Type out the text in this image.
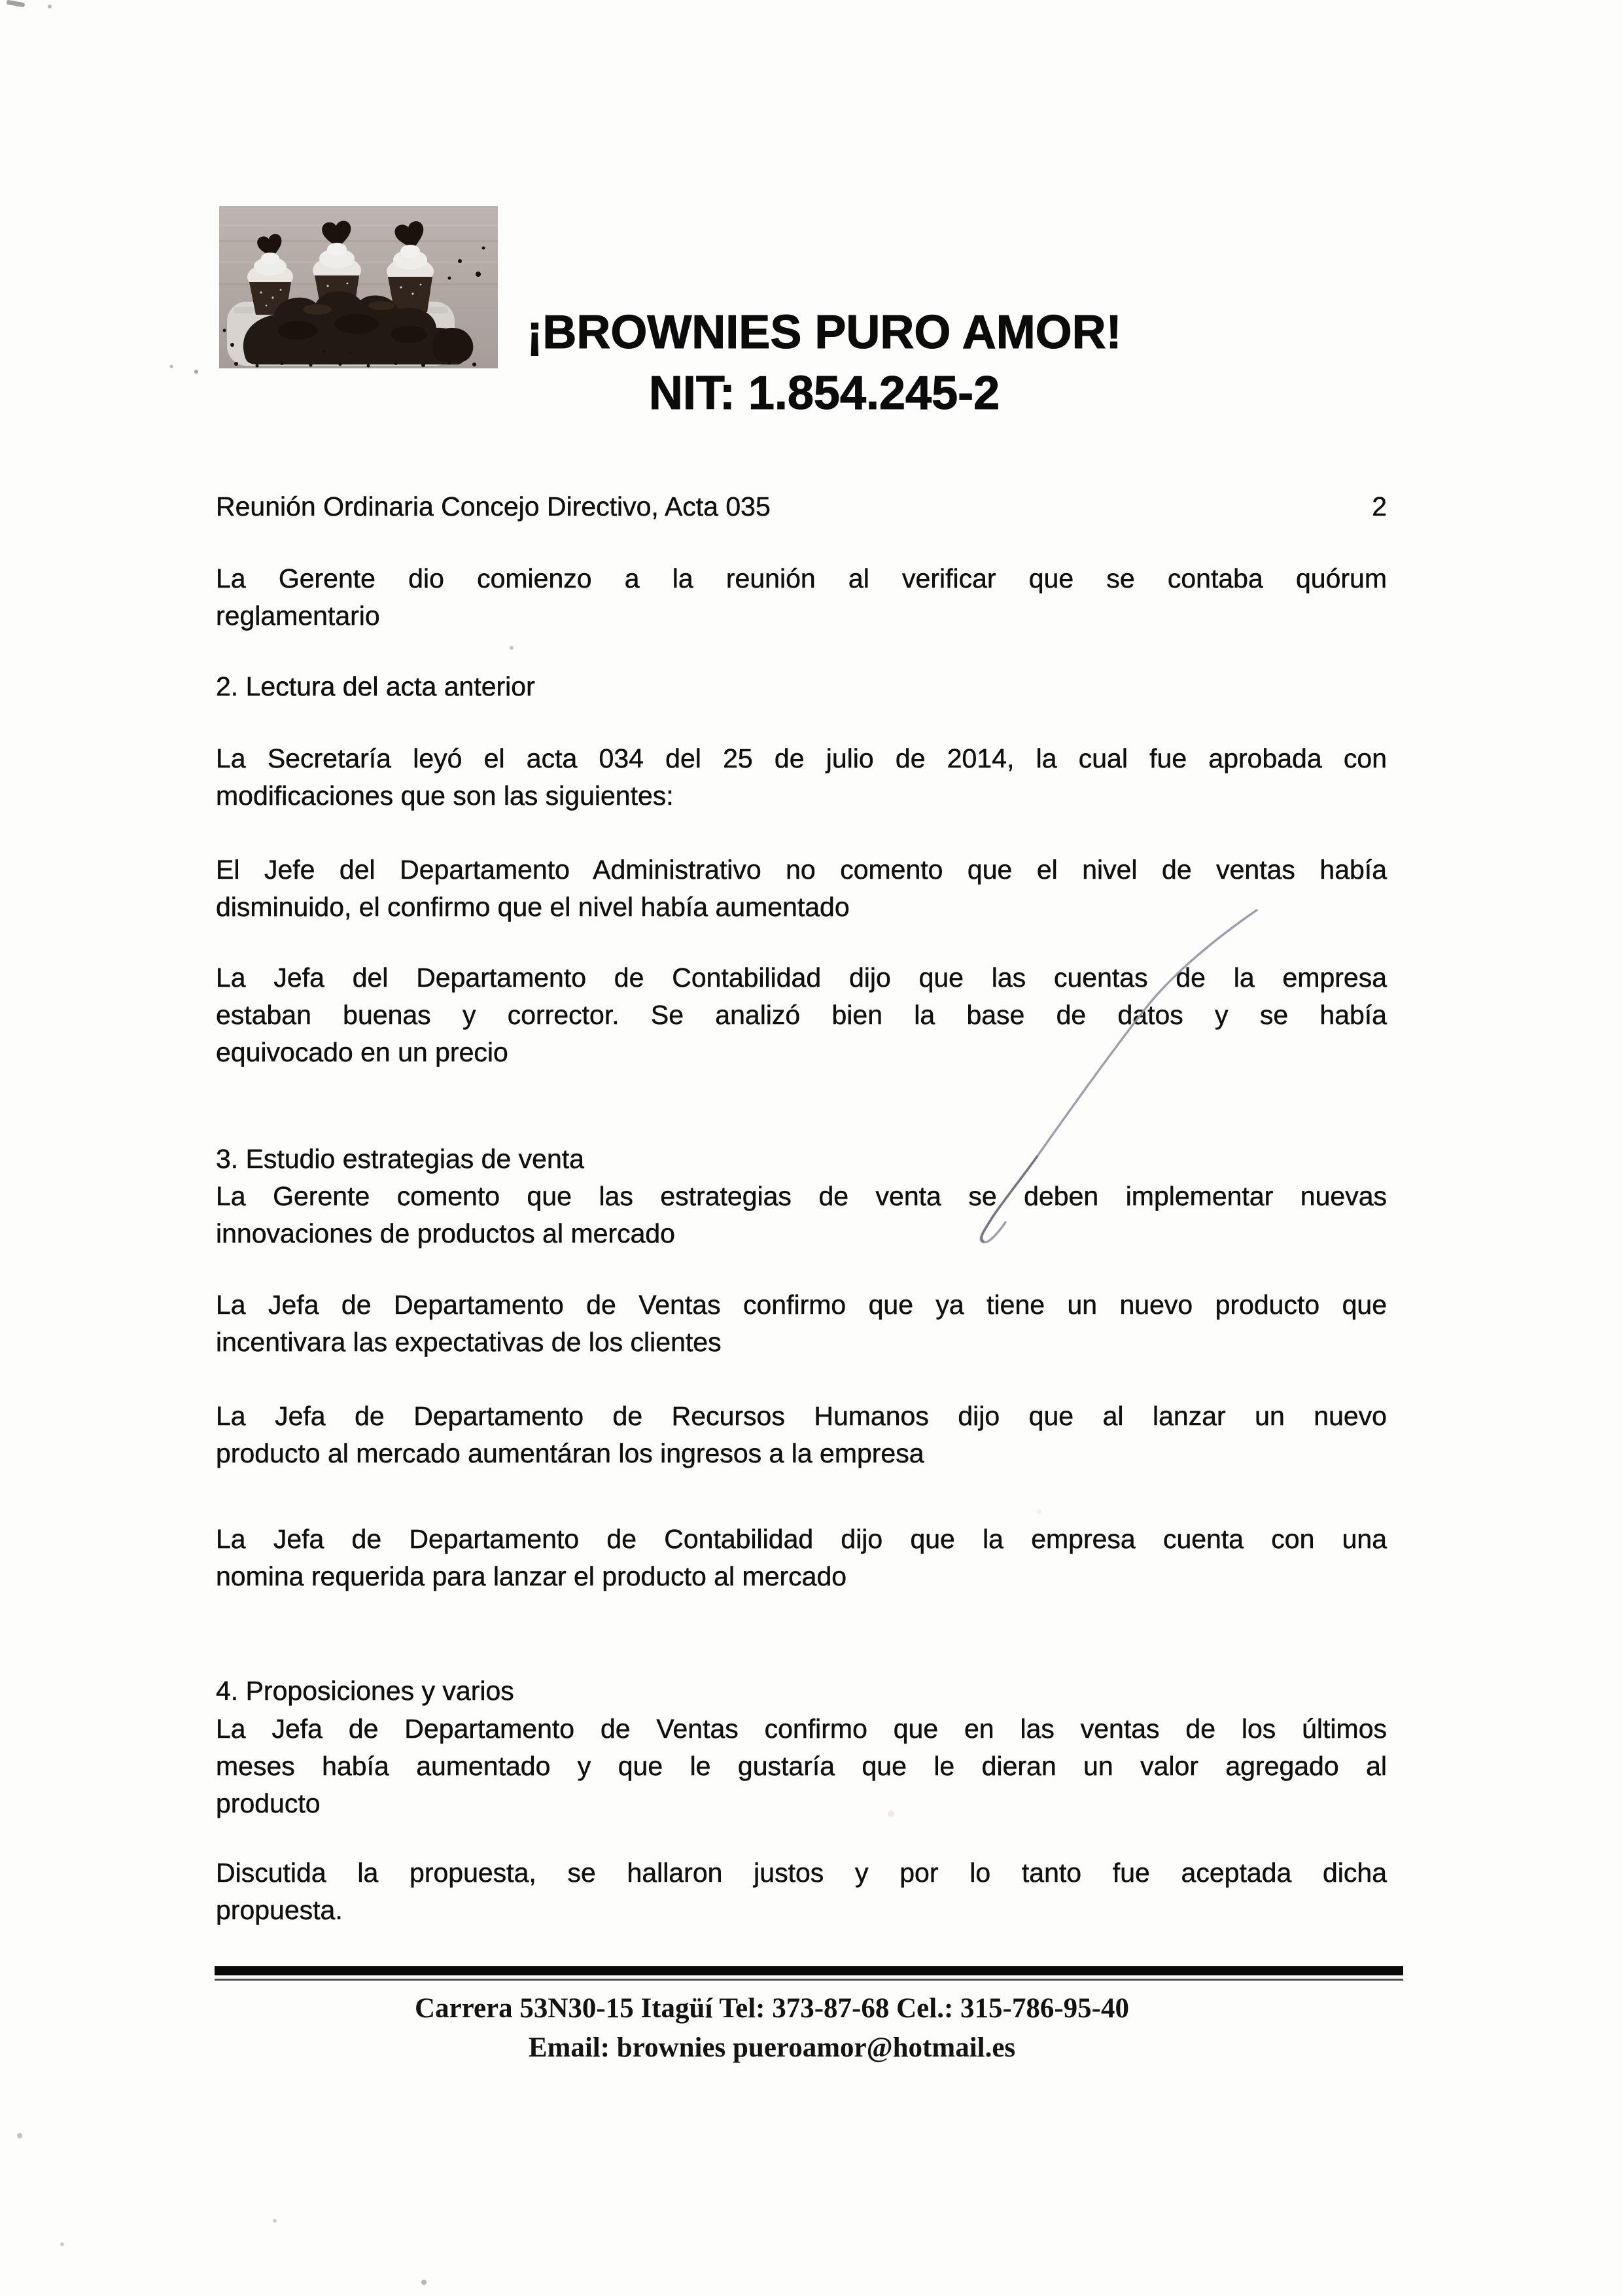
¡BROWNIES PURO AMOR!
NIT: 1.854.245-2
Reunión Ordinaria Concejo Directivo, Acta 035	2
La Gerente dio comienzo a la reunión al verificar que se contaba quórum
reglamentario
2. Lectura del acta anterior
La Secretaría leyó el acta 034 del 25 de julio de 2014, la cual fue aprobada con
modificaciones que son las siguientes:
El Jefe del Departamento Administrativo no comento que el nivel de ventas había
disminuido, el confirmo que el nivel había aumentado
La Jefa del Departamento de Contabilidad dijo que las cuentas de la empresa
estaban buenas y corrector. Se analizó bien la base de datos y se había
equivocado en un precio
3. Estudio estrategias de venta
La Gerente comento que las estrategias de venta se deben implementar nuevas
innovaciones de productos al mercado
La Jefa de Departamento de Ventas confirmo que ya tiene un nuevo producto que
incentivara las expectativas de los clientes
La Jefa de Departamento de Recursos Humanos dijo que al lanzar un nuevo
producto al mercado aumentáran los ingresos a la empresa
La Jefa de Departamento de Contabilidad dijo que la empresa cuenta con una
nomina requerida para lanzar el producto al mercado
4. Proposiciones y varios
La Jefa de Departamento de Ventas confirmo que en las ventas de los últimos
meses había aumentado y que le gustaría que le dieran un valor agregado al
producto
Discutida la propuesta, se hallaron justos y por lo tanto fue aceptada dicha
propuesta.
Carrera 53N30-15 Itagüí Tel: 373-87-68 Cel.: 315-786-95-40
Email: brownies pueroamor@hotmail.es
